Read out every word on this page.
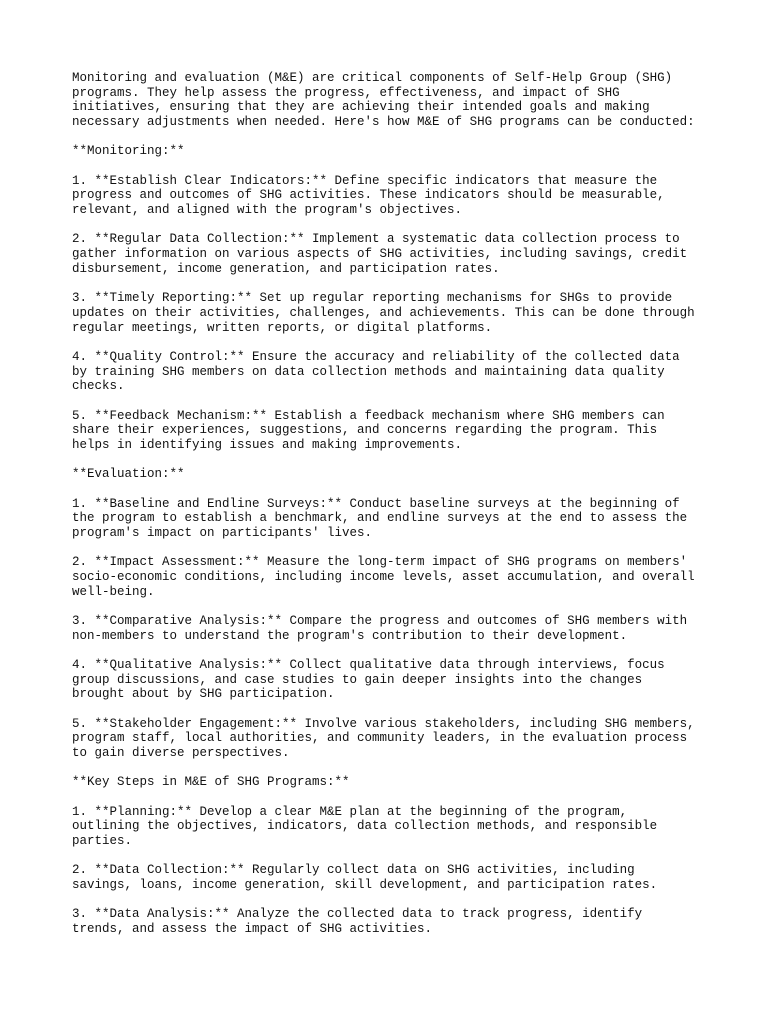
Monitoring and evaluation (M&E) are critical components of Self-Help Group (SHG)
programs. They help assess the progress, effectiveness, and impact of SHG
initiatives, ensuring that they are achieving their intended goals and making
necessary adjustments when needed. Here's how M&E of SHG programs can be conducted:

**Monitoring:**

1. **Establish Clear Indicators:** Define specific indicators that measure the
progress and outcomes of SHG activities. These indicators should be measurable,
relevant, and aligned with the program's objectives.

2. **Regular Data Collection:** Implement a systematic data collection process to
gather information on various aspects of SHG activities, including savings, credit
disbursement, income generation, and participation rates.

3. **Timely Reporting:** Set up regular reporting mechanisms for SHGs to provide
updates on their activities, challenges, and achievements. This can be done through
regular meetings, written reports, or digital platforms.

4. **Quality Control:** Ensure the accuracy and reliability of the collected data
by training SHG members on data collection methods and maintaining data quality
checks.

5. **Feedback Mechanism:** Establish a feedback mechanism where SHG members can
share their experiences, suggestions, and concerns regarding the program. This
helps in identifying issues and making improvements.

**Evaluation:**

1. **Baseline and Endline Surveys:** Conduct baseline surveys at the beginning of
the program to establish a benchmark, and endline surveys at the end to assess the
program's impact on participants' lives.

2. **Impact Assessment:** Measure the long-term impact of SHG programs on members'
socio-economic conditions, including income levels, asset accumulation, and overall
well-being.

3. **Comparative Analysis:** Compare the progress and outcomes of SHG members with
non-members to understand the program's contribution to their development.

4. **Qualitative Analysis:** Collect qualitative data through interviews, focus
group discussions, and case studies to gain deeper insights into the changes
brought about by SHG participation.

5. **Stakeholder Engagement:** Involve various stakeholders, including SHG members,
program staff, local authorities, and community leaders, in the evaluation process
to gain diverse perspectives.

**Key Steps in M&E of SHG Programs:**

1. **Planning:** Develop a clear M&E plan at the beginning of the program,
outlining the objectives, indicators, data collection methods, and responsible
parties.

2. **Data Collection:** Regularly collect data on SHG activities, including
savings, loans, income generation, skill development, and participation rates.

3. **Data Analysis:** Analyze the collected data to track progress, identify
trends, and assess the impact of SHG activities.
